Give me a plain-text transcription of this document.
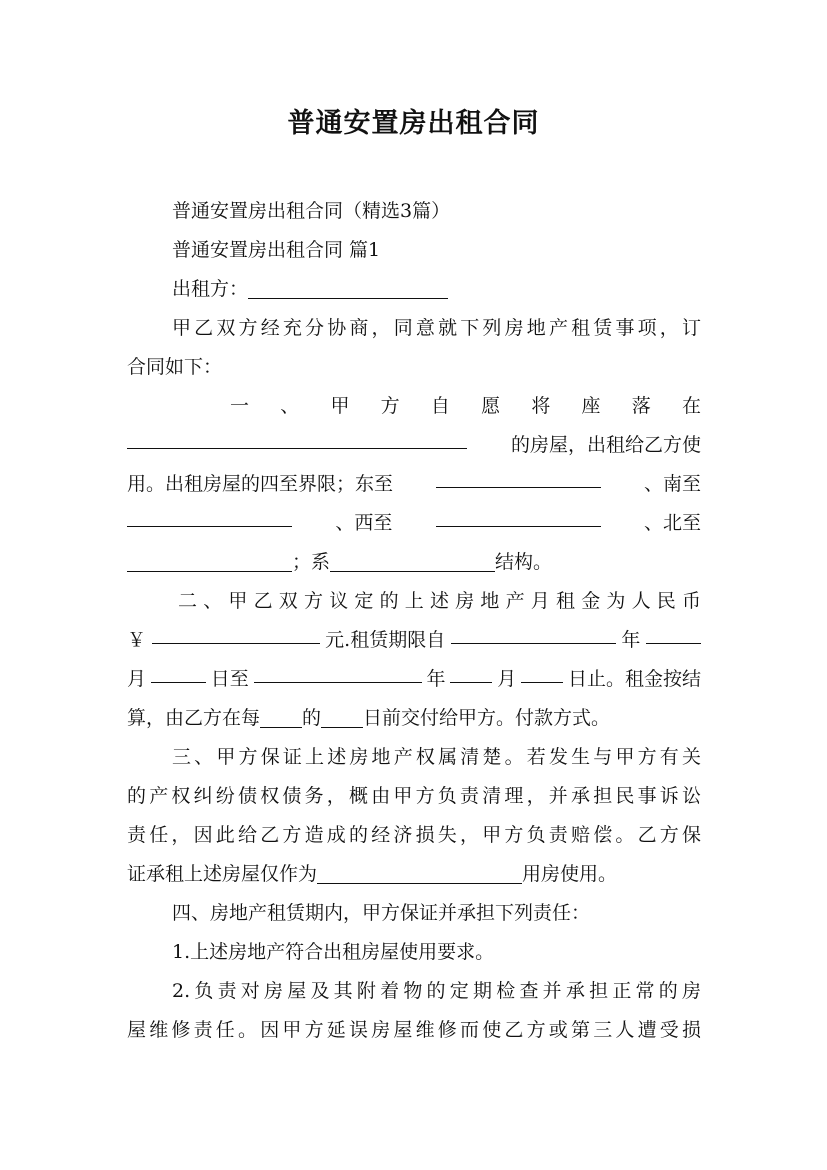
普通安置房出租合同
普通安置房出租合同（精选3篇）
普通安置房出租合同 篇1
出租方：
甲乙双方经充分协商，同意就下列房地产租赁事项，订
合同如下：
一 、 甲 方 自 愿 将 座 落 在
的房屋，出租给乙方使
用。出租房屋的四至界限；东至	、南至
、西至	、北至
；系	结构。
二、甲乙双方议定的上述房地产月租金为人民币
￥	元.租赁期限自	年
月	日至	年	月	日止。租金按结
算，由乙方在每 的 日前交付给甲方。付款方式。
三、甲方保证上述房地产权属清楚。若发生与甲方有关
的产权纠纷债权债务，概由甲方负责清理，并承担民事诉讼
责任，因此给乙方造成的经济损失，甲方负责赔偿。乙方保
证承租上述房屋仅作为	用房使用。
四、房地产租赁期内，甲方保证并承担下列责任：
1.上述房地产符合出租房屋使用要求。
2.负责对房屋及其附着物的定期检查并承担正常的房
屋维修责任。因甲方延误房屋维修而使乙方或第三人遭受损
